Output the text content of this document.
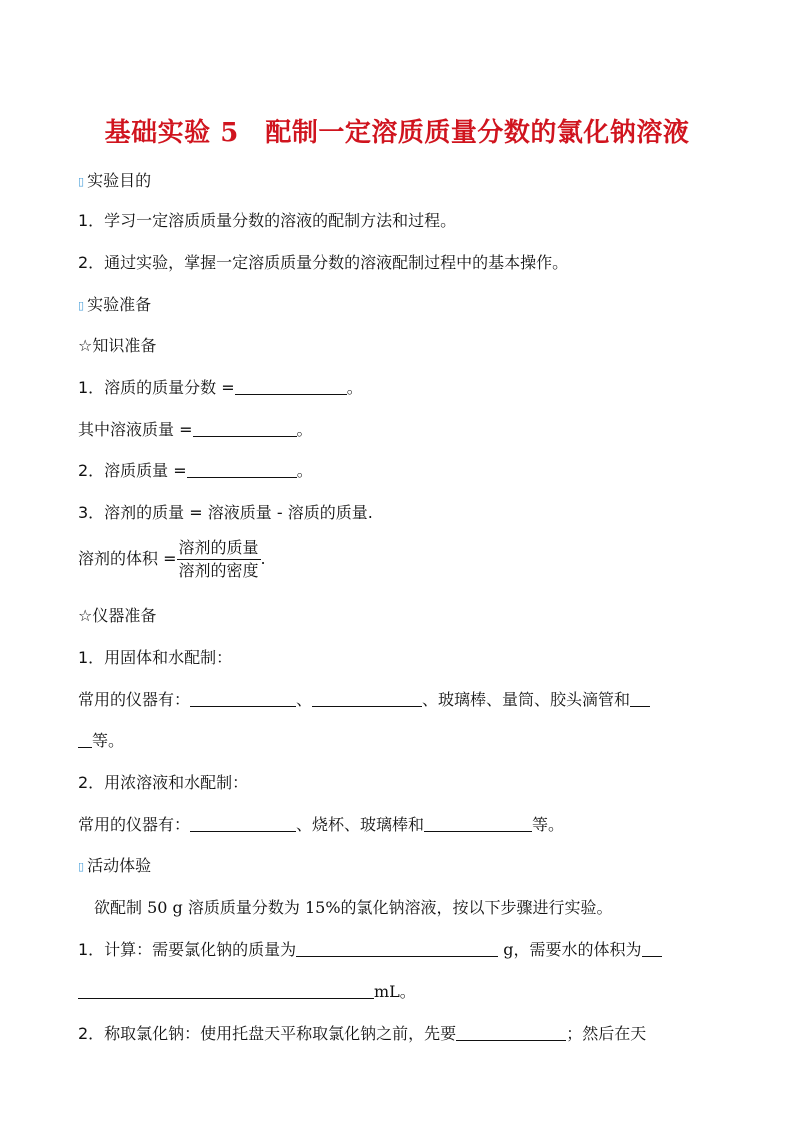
基础实验 5　配制一定溶质质量分数的氯化钠溶液
▯ 实验目的
1．学习一定溶质质量分数的溶液的配制方法和过程。
2．通过实验，掌握一定溶质质量分数的溶液配制过程中的基本操作。
▯ 实验准备
☆知识准备
1．溶质的质量分数 =	。
其中溶液质量 =	。
2．溶质质量 =	。
3．溶剂的质量 = 溶液质量 - 溶质的质量.
溶剂的体积 = $\frac{\text{溶剂的质量}}{\text{溶剂的密度}}$ .
☆仪器准备
1．用固体和水配制：
常用的仪器有：	、	、玻璃棒、量筒、胶头滴管和
等。
2．用浓溶液和水配制：
常用的仪器有：	、烧杯、玻璃棒和	等。
▯ 活动体验
欲配制 50 g 溶质质量分数为 15%的氯化钠溶液，按以下步骤进行实验。
1．计算：需要氯化钠的质量为	g，需要水的体积为
mL。
2．称取氯化钠：使用托盘天平称取氯化钠之前，先要	；然后在天
